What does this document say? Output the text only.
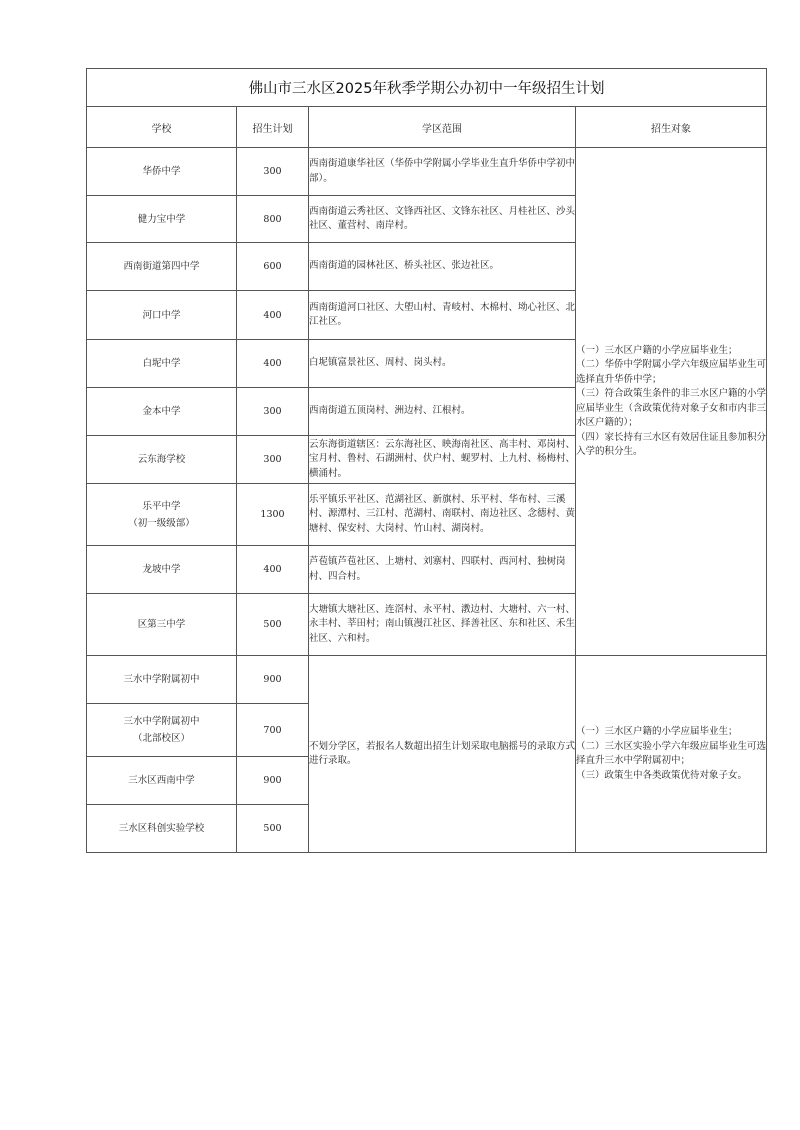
佛山市三水区2025年秋季学期公办初中一年级招生计划			
学校	招生计划	学区范围	招生对象
华侨中学	300	西南街道康华社区（华侨中学附属小学毕业生直升华侨中学初中部）。	（一）三水区户籍的小学应届毕业生；
（二）华侨中学附属小学六年级应届毕业生可选择直升华侨中学；
（三）符合政策生条件的非三水区户籍的小学应届毕业生（含政策优待对象子女和市内非三水区户籍的）；
（四）家长持有三水区有效居住证且参加积分入学的积分生。

健力宝中学	800	西南街道云秀社区、文锋西社区、文锋东社区、月桂社区、沙头社区、董营村、南岸村。	
西南街道第四中学	600	西南街道的园林社区、桥头社区、张边社区。	
河口中学	400	西南街道河口社区、大塱山村、青岐村、木棉村、坳心社区、北江社区。	
白坭中学	400	白坭镇富景社区、周村、岗头村。	
金本中学	300	西南街道五顶岗村、洲边村、江根村。	
云东海学校	300	云东海街道辖区：云东海社区、映海南社区、高丰村、邓岗村、宝月村、鲁村、石湖洲村、伏户村、蚬罗村、上九村、杨梅村、横涌村。	
乐平中学
（初一级级部）	1300	乐平镇乐平社区、范湖社区、新旗村、乐平村、华布村、三溪村、源潭村、三江村、范湖村、南联村、南边社区、念德村、黄塘村、保安村、大岗村、竹山村、湖岗村。	
龙坡中学	400	芦苞镇芦苞社区、上塘村、刘寨村、四联村、西河村、独树岗村、四合村。	
区第三中学	500	大塘镇大塘社区、连滘村、永平村、漖边村、大塘村、六一村、永丰村、莘田村；南山镇漫江社区、择善社区、东和社区、禾生社区、六和村。	
三水中学附属初中	900	不划分学区，若报名人数超出招生计划采取电脑摇号的录取方式进行录取。	（一）三水区户籍的小学应届毕业生；
（二）三水区实验小学六年级应届毕业生可选择直升三水中学附属初中；
（三）政策生中各类政策优待对象子女。

三水中学附属初中
（北部校区）	700		
三水区西南中学	900		
三水区科创实验学校	500		
